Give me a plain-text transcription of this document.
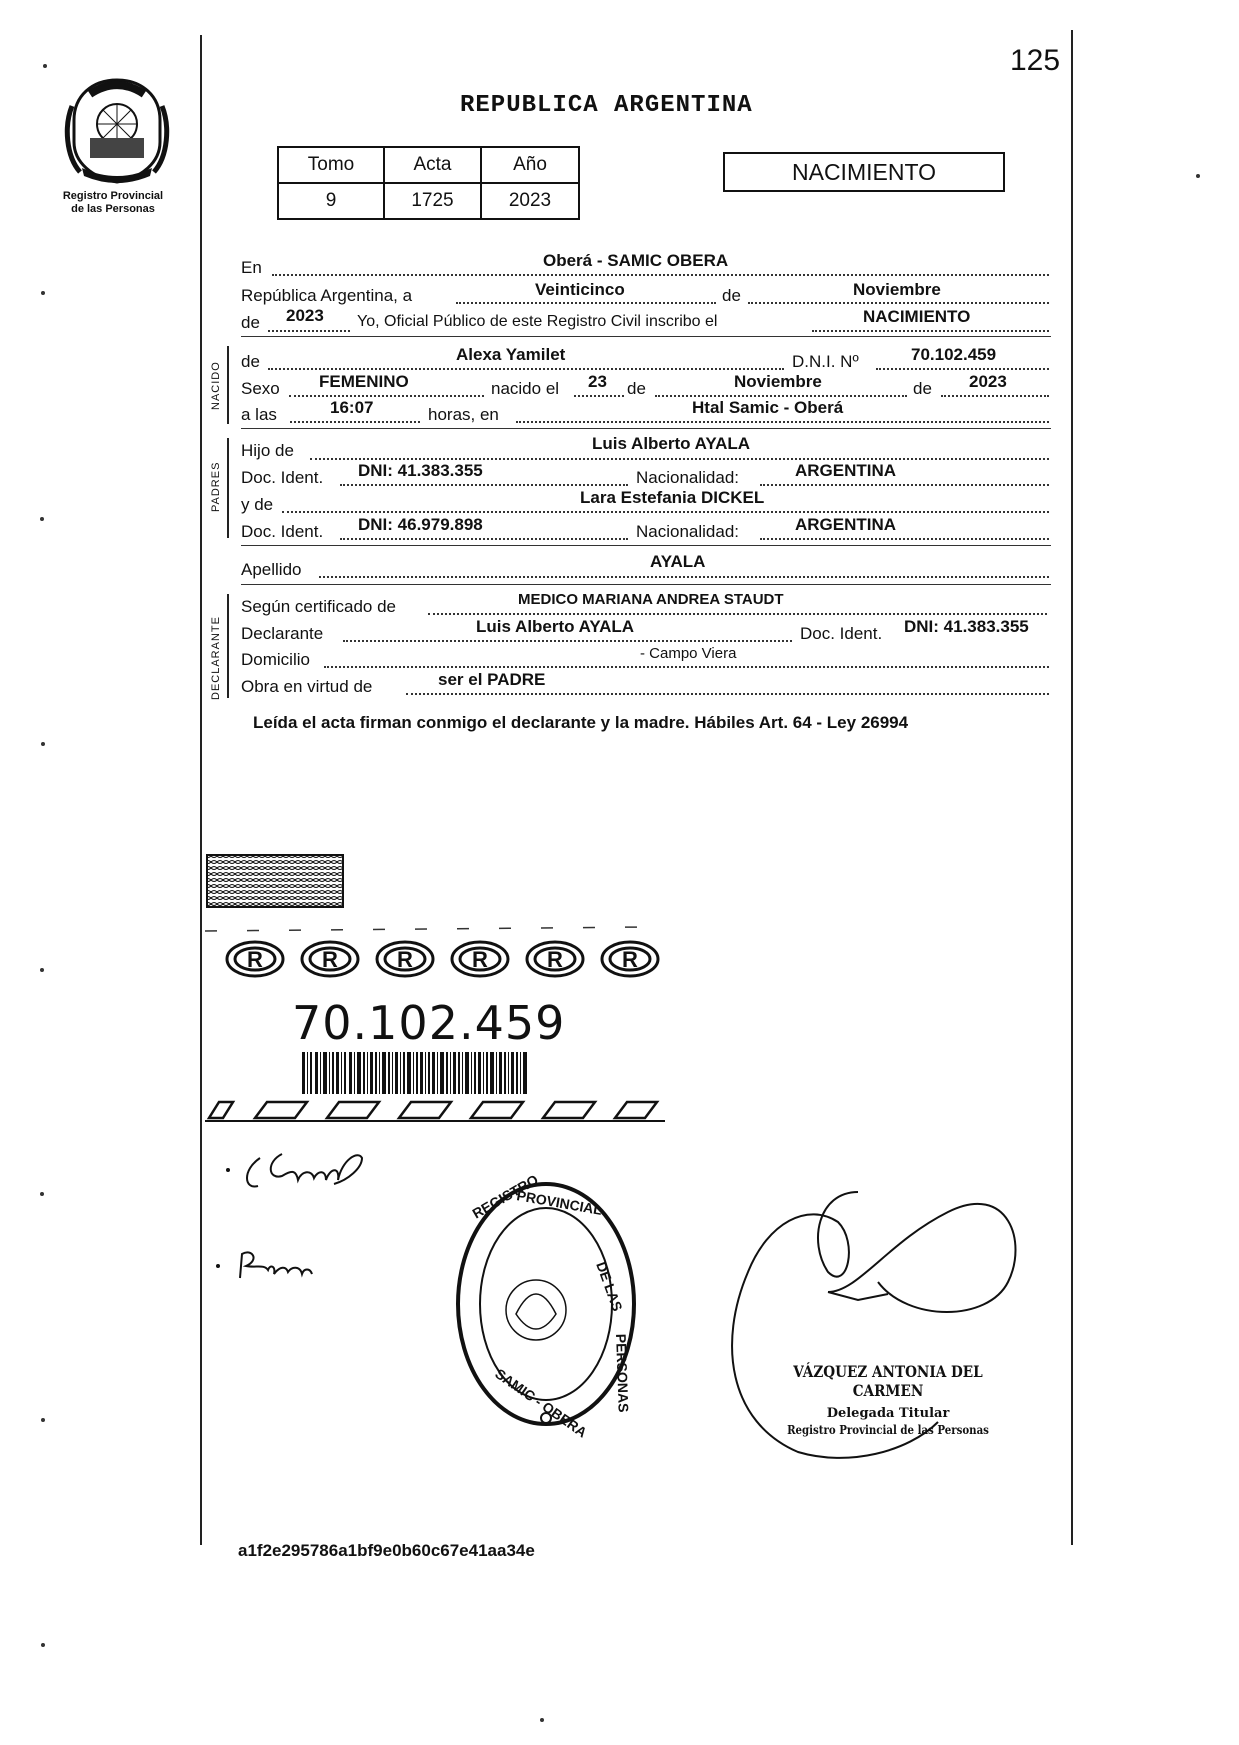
125
Registro Provincial
de las Personas
REPUBLICA ARGENTINA
Tomo	Acta	Año
9	1725	2023
NACIMIENTO
En	Oberá - SAMIC OBERA
República Argentina, a	Veinticinco	de	Noviembre
de 2023 Yo, Oficial Público de este Registro Civil inscribo el	NACIMIENTO
NACIDO de	Alexa Yamilet	D.N.I. Nº	70.102.459
Sexo FEMENINO	nacido el 23 de	Noviembre	de 2023
a las	16:07	horas, en	Htal Samic - Oberá
PADRES
Hijo de	Luis Alberto AYALA
Doc. Ident. DNI: 41.383.355	Nacionalidad:	ARGENTINA
y de	Lara Estefania DICKEL
Doc. Ident. DNI: 46.979.898	Nacionalidad:	ARGENTINA
Apellido	AYALA
DECLARANTE
Según certificado de	MEDICO MARIANA ANDREA STAUDT
Declarante	Luis Alberto AYALA	Doc. Ident. DNI: 41.383.355
Domicilio	- Campo Viera
Obra en virtud de	ser el PADRE
Leída el acta firman conmigo el declarante y la madre. Hábiles Art. 64 - Ley 26994
R	R	R	R	R	R
70.102.459
REGISTRO
PROVINCIAL
DE LAS
PERSONAS
SAMIC - OBERA	VÁZQUEZ ANTONIA DEL CARMEN
Delegada Titular
Registro Provincial de las Personas
a1f2e295786a1bf9e0b60c67e41aa34e
